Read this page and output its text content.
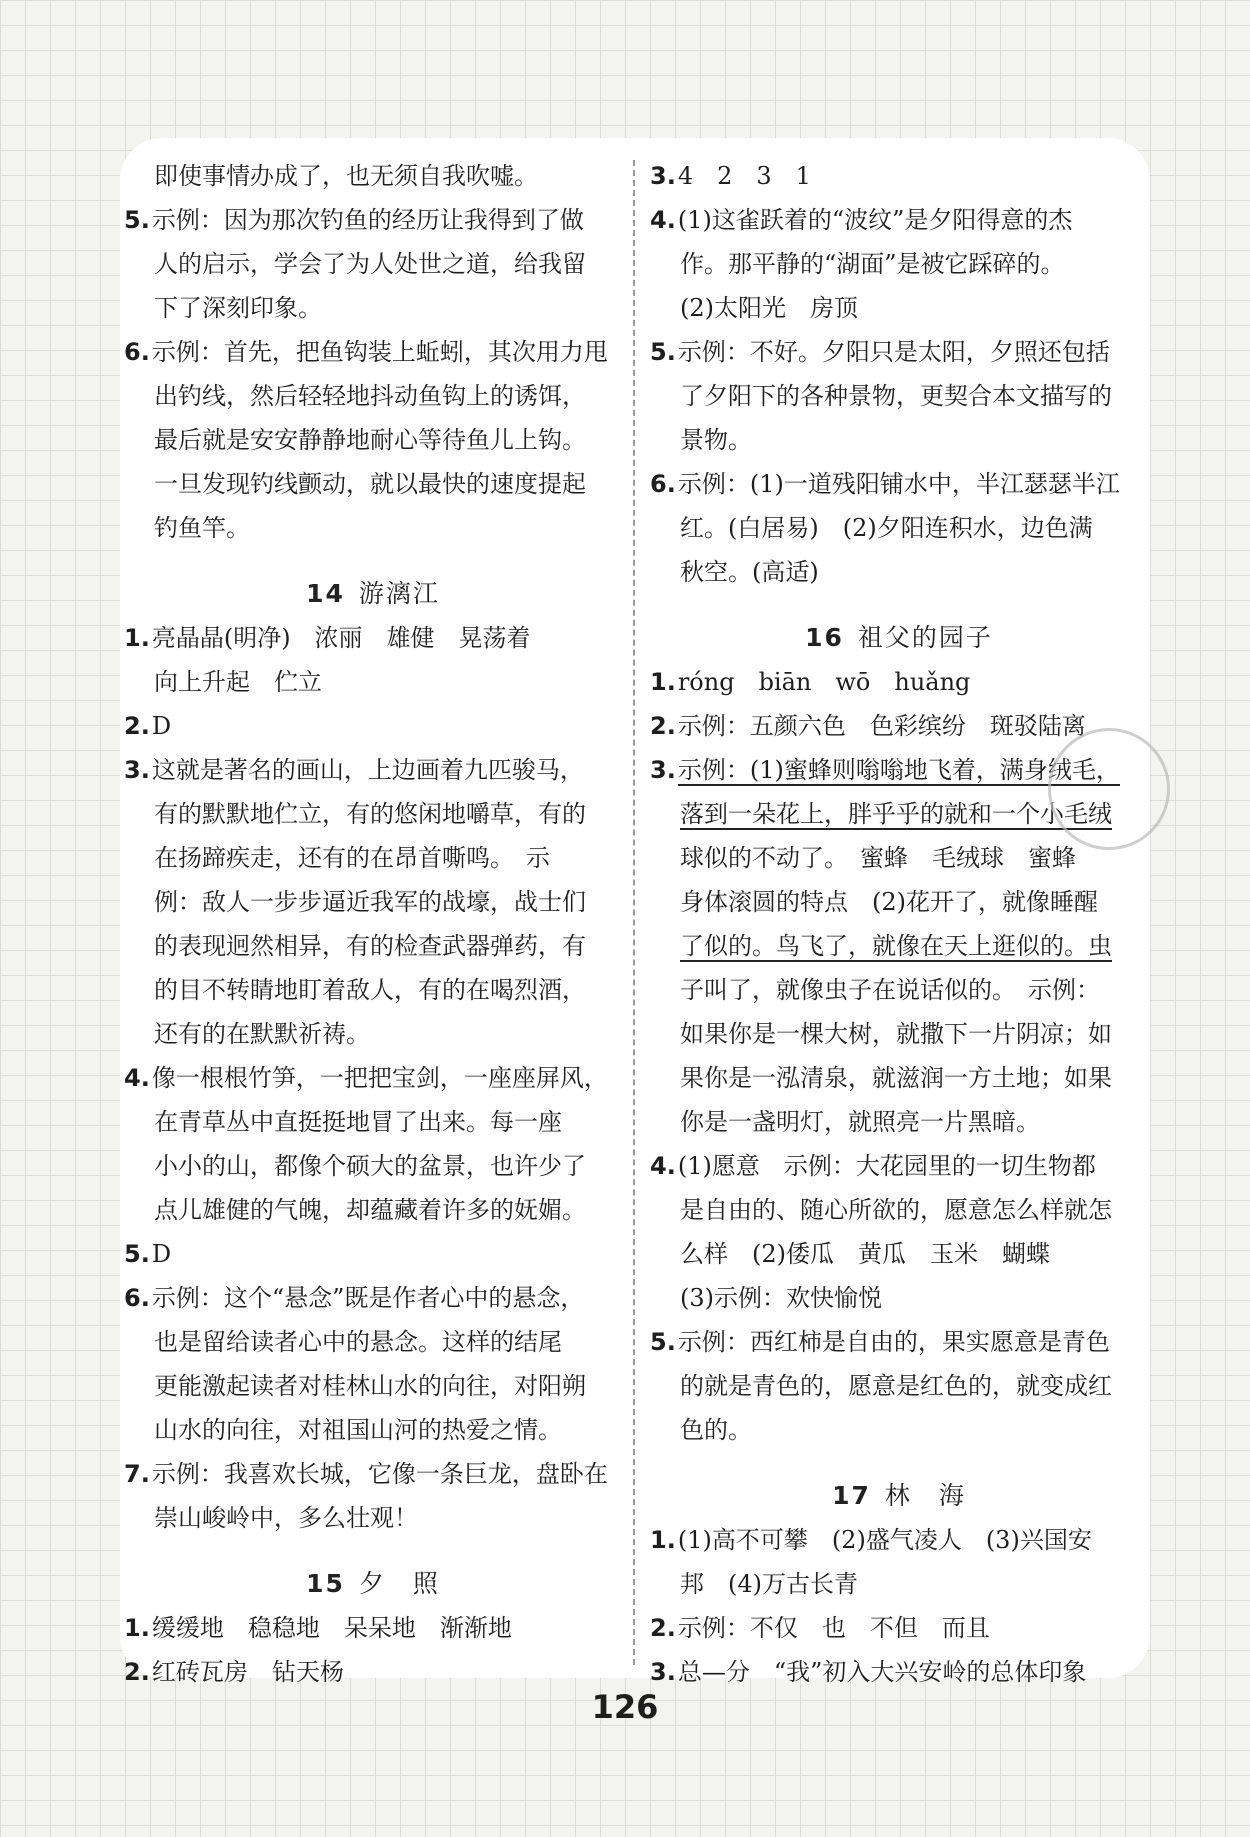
即使事情办成了，也无须自我吹嘘。
5.示例：因为那次钓鱼的经历让我得到了做
人的启示，学会了为人处世之道，给我留
下了深刻印象。
6.示例：首先，把鱼钩装上蚯蚓，其次用力甩
出钓线，然后轻轻地抖动鱼钩上的诱饵，
最后就是安安静静地耐心等待鱼儿上钩。
一旦发现钓线颤动，就以最快的速度提起
钓鱼竿。
14 游漓江
1.亮晶晶(明净)　浓丽　雄健　晃荡着
向上升起　伫立
2.D
3.这就是著名的画山，上边画着九匹骏马，
有的默默地伫立，有的悠闲地嚼草，有的
在扬蹄疾走，还有的在昂首嘶鸣。　示
例：敌人一步步逼近我军的战壕，战士们
的表现迥然相异，有的检查武器弹药，有
的目不转睛地盯着敌人，有的在喝烈酒，
还有的在默默祈祷。
4.像一根根竹笋，一把把宝剑，一座座屏风，
在青草丛中直挺挺地冒了出来。每一座
小小的山，都像个硕大的盆景，也许少了
点儿雄健的气魄，却蕴藏着许多的妩媚。
5.D
6.示例：这个“悬念”既是作者心中的悬念，
也是留给读者心中的悬念。这样的结尾
更能激起读者对桂林山水的向往，对阳朔
山水的向往，对祖国山河的热爱之情。
7.示例：我喜欢长城，它像一条巨龙，盘卧在
崇山峻岭中，多么壮观！
15 夕　照
1.缓缓地　稳稳地　呆呆地　渐渐地
2.红砖瓦房　钻天杨
3.4　2　3　1
4.(1)这雀跃着的“波纹”是夕阳得意的杰
作。那平静的“湖面”是被它踩碎的。
(2)太阳光　房顶
5.示例：不好。夕阳只是太阳，夕照还包括
了夕阳下的各种景物，更契合本文描写的
景物。
6.示例：(1)一道残阳铺水中，半江瑟瑟半江
红。(白居易)　(2)夕阳连积水，边色满
秋空。(高适)
16 祖父的园子
1.róng　biān　wō　huǎng
2.示例：五颜六色　色彩缤纷　斑驳陆离
3.示例：(1)蜜蜂则嗡嗡地飞着，满身绒毛，
落到一朵花上，胖乎乎的就和一个小毛绒
球似的不动了。　蜜蜂　毛绒球　蜜蜂
身体滚圆的特点　(2)花开了，就像睡醒
了似的。鸟飞了，就像在天上逛似的。虫
子叫了，就像虫子在说话似的。　示例：
如果你是一棵大树，就撒下一片阴凉；如
果你是一泓清泉，就滋润一方土地；如果
你是一盏明灯，就照亮一片黑暗。
4.(1)愿意　示例：大花园里的一切生物都
是自由的、随心所欲的，愿意怎么样就怎
么样　(2)倭瓜　黄瓜　玉米　蝴蝶
(3)示例：欢快愉悦
5.示例：西红柿是自由的，果实愿意是青色
的就是青色的，愿意是红色的，就变成红
色的。
17 林　海
1.(1)高不可攀　(2)盛气凌人　(3)兴国安
邦　(4)万古长青
2.示例：不仅　也　不但　而且
3.总—分　“我”初入大兴安岭的总体印象
126
